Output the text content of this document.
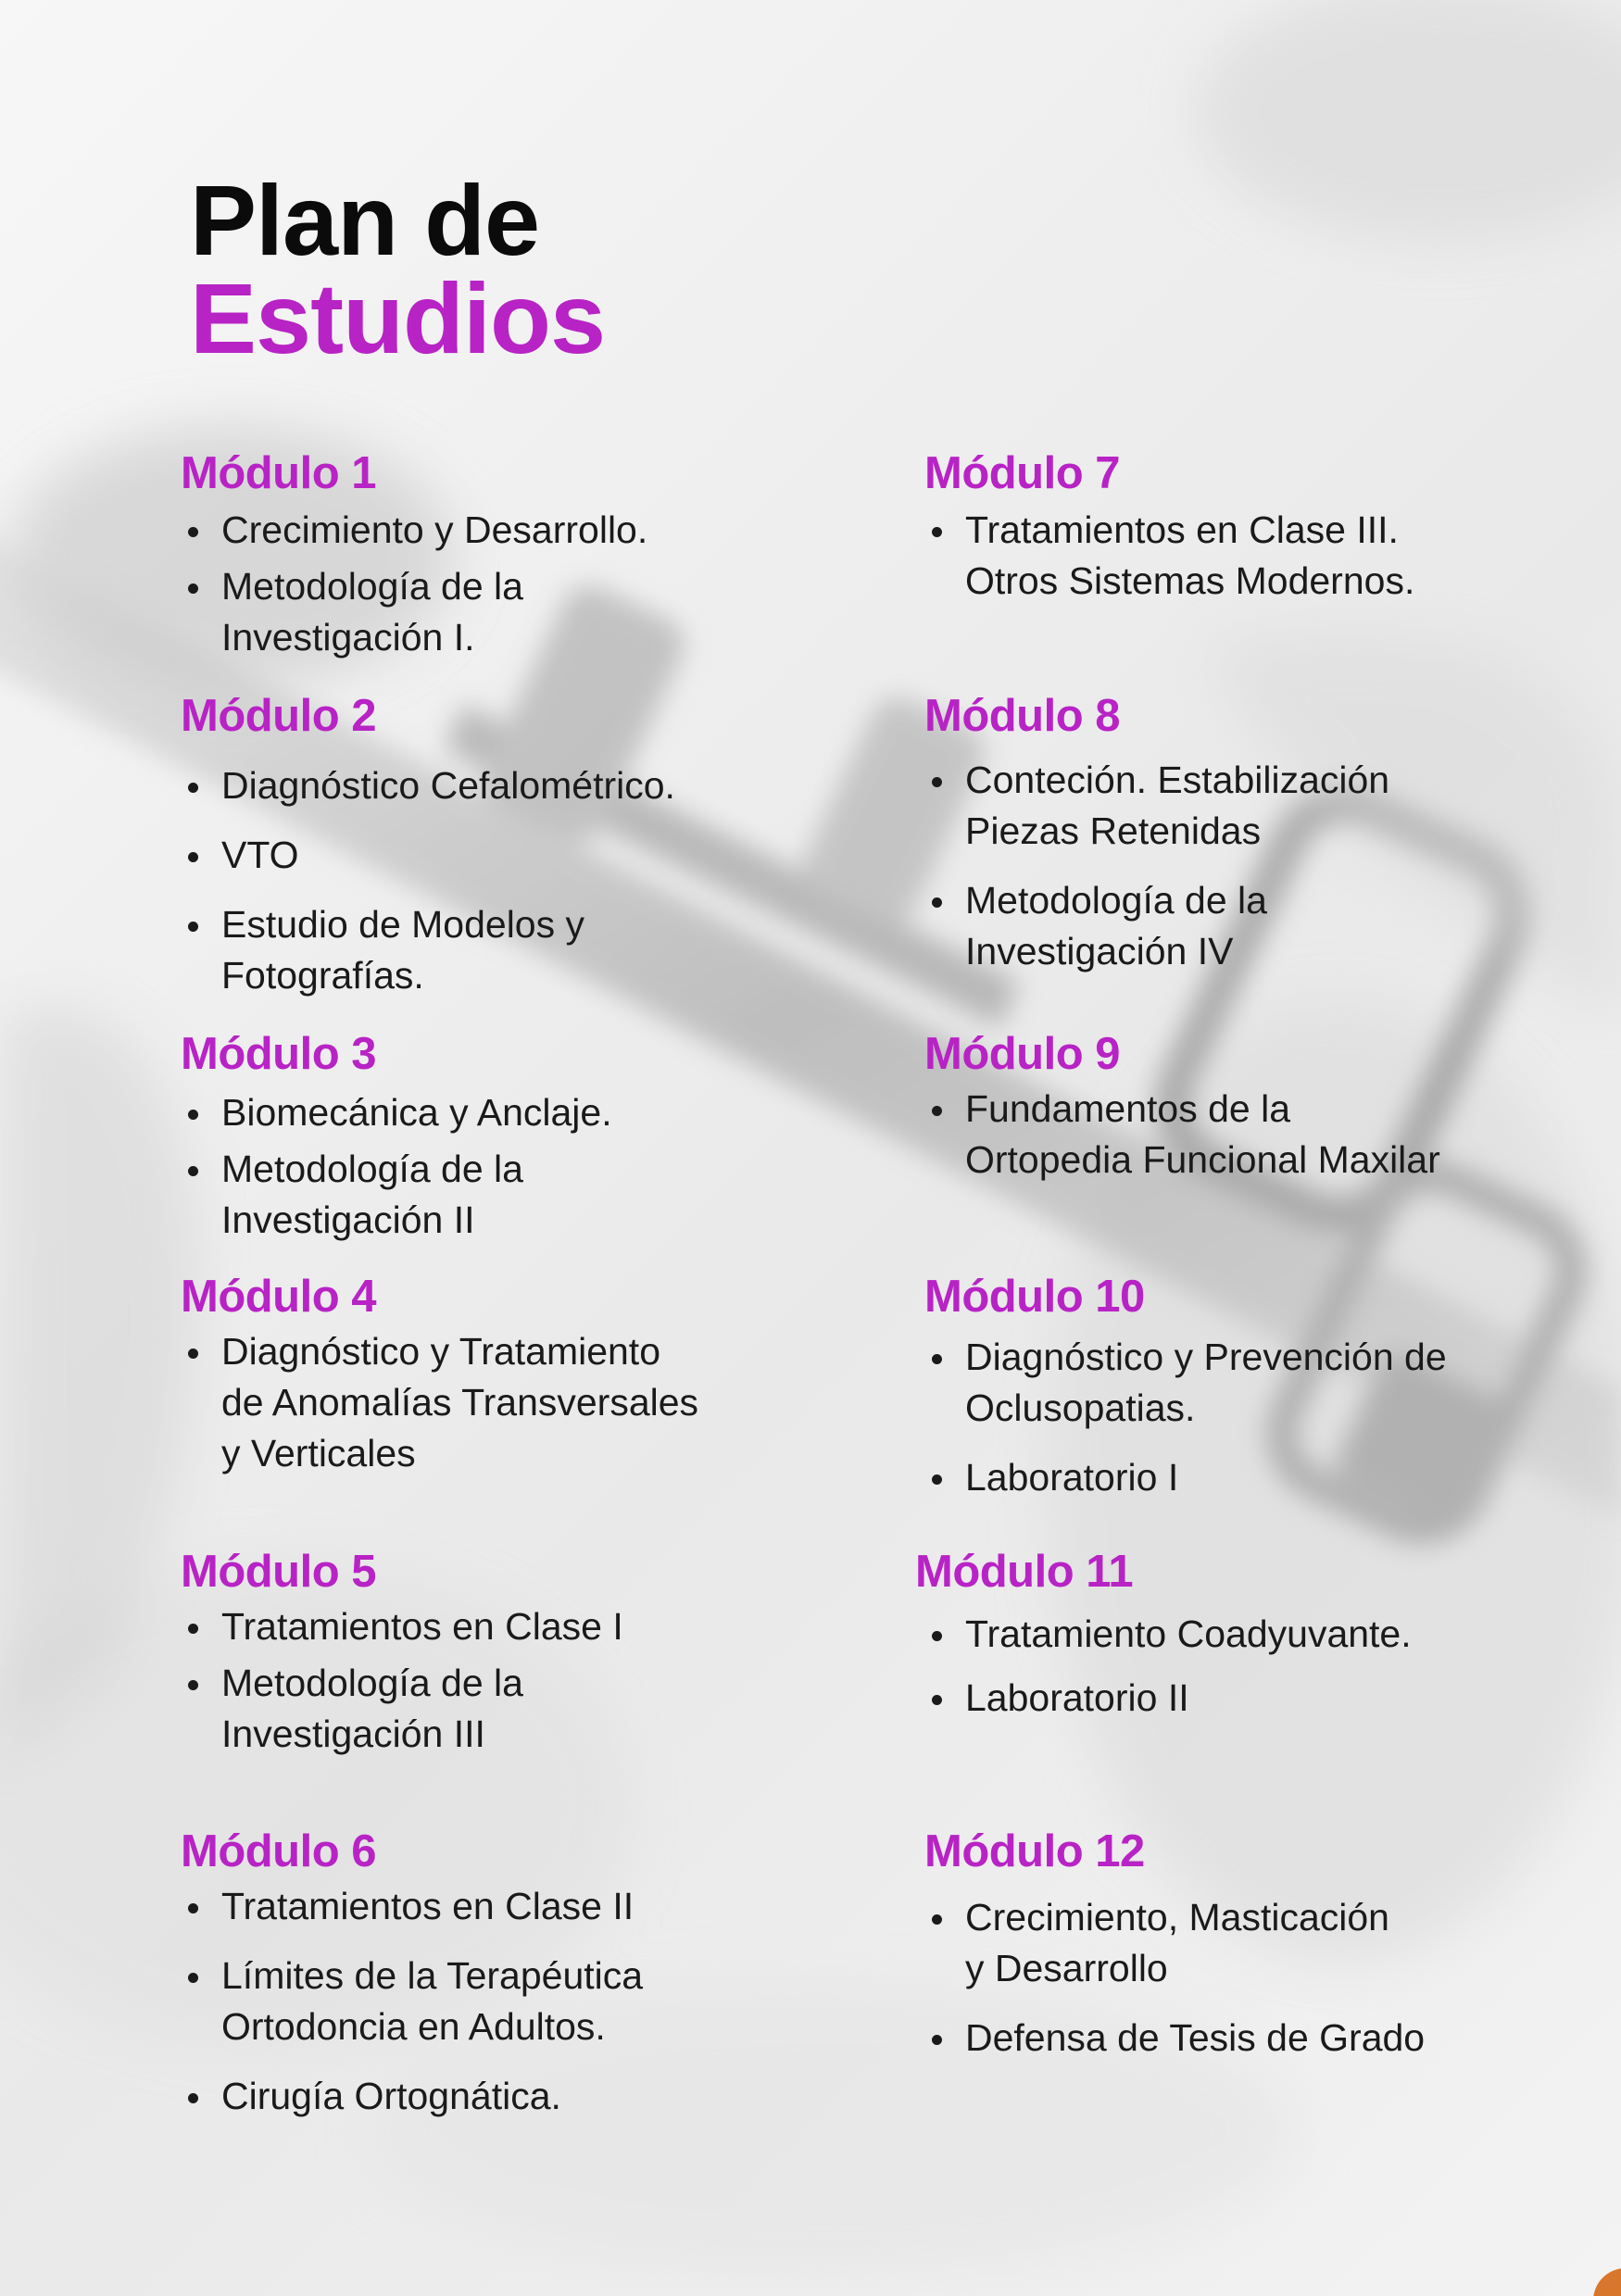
Plan de
Estudios
Módulo 1
Crecimiento y Desarrollo.
Metodología de la Investigación I.
Módulo 2
Diagnóstico Cefalométrico.
VTO
Estudio de Modelos y Fotografías.
Módulo 3
Biomecánica y Anclaje.
Metodología de la Investigación II
Módulo 4
Diagnóstico y Tratamiento
de Anomalías Transversales
y Verticales
Módulo 5
Tratamientos en Clase I
Metodología de la
Investigación III
Módulo 6
Tratamientos en Clase II
Límites de la Terapéutica
Ortodoncia en Adultos.
Cirugía Ortognática.
Módulo 7
Tratamientos en Clase III.
Otros Sistemas Modernos.
Módulo 8
Conteción. Estabilización
Piezas Retenidas
Metodología de la
Investigación IV
Módulo 9
Fundamentos de la
Ortopedia Funcional Maxilar
Módulo 10
Diagnóstico y Prevención de
Oclusopatias.
Laboratorio I
Módulo 11
Tratamiento Coadyuvante.
Laboratorio II
Módulo 12
Crecimiento, Masticación
y Desarrollo
Defensa de Tesis de Grado
